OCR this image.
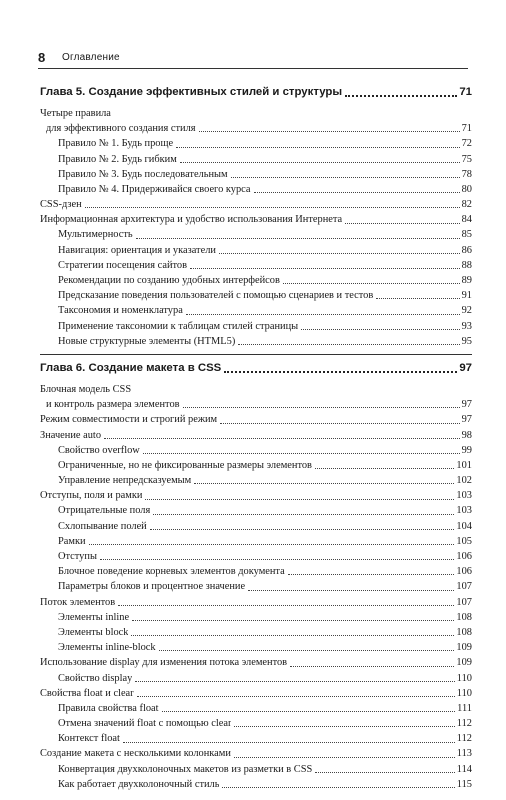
8 Оглавление
Глава 5. Создание эффективных стилей и структуры	71
Четыре правила
для эффективного создания стиля	71
Правило № 1. Будь проще	72
Правило № 2. Будь гибким	75
Правило № 3. Будь последовательным	78
Правило № 4. Придерживайся своего курса	80
CSS-дзен	82
Информационная архитектура и удобство использования Интернета	84
Мультимерность	85
Навигация: ориентация и указатели	86
Стратегии посещения сайтов	88
Рекомендации по созданию удобных интерфейсов	89
Предсказание поведения пользователей с помощью сценариев и тестов	91
Таксономия и номенклатура	92
Применение таксономии к таблицам стилей страницы	93
Новые структурные элементы (HTML5)	95
Глава 6. Создание макета в CSS	97
Блочная модель CSS
и контроль размера элементов	97
Режим совместимости и строгий режим	97
Значение auto	98
Свойство overflow	99
Ограниченные, но не фиксированные размеры элементов	101
Управление непредсказуемым	102
Отступы, поля и рамки	103
Отрицательные поля	103
Схлопывание полей	104
Рамки	105
Отступы	106
Блочное поведение корневых элементов документа	106
Параметры блоков и процентное значение	107
Поток элементов	107
Элементы inline	108
Элементы block	108
Элементы inline-block	109
Использование display для изменения потока элементов	109
Свойство display	110
Свойства float и clear	110
Правила свойства float	111
Отмена значений float с помощью clear	112
Контекст float	112
Создание макета с несколькими колонками	113
Конвертация двухколоночных макетов из разметки в CSS	114
Как работает двухколоночный стиль	115
